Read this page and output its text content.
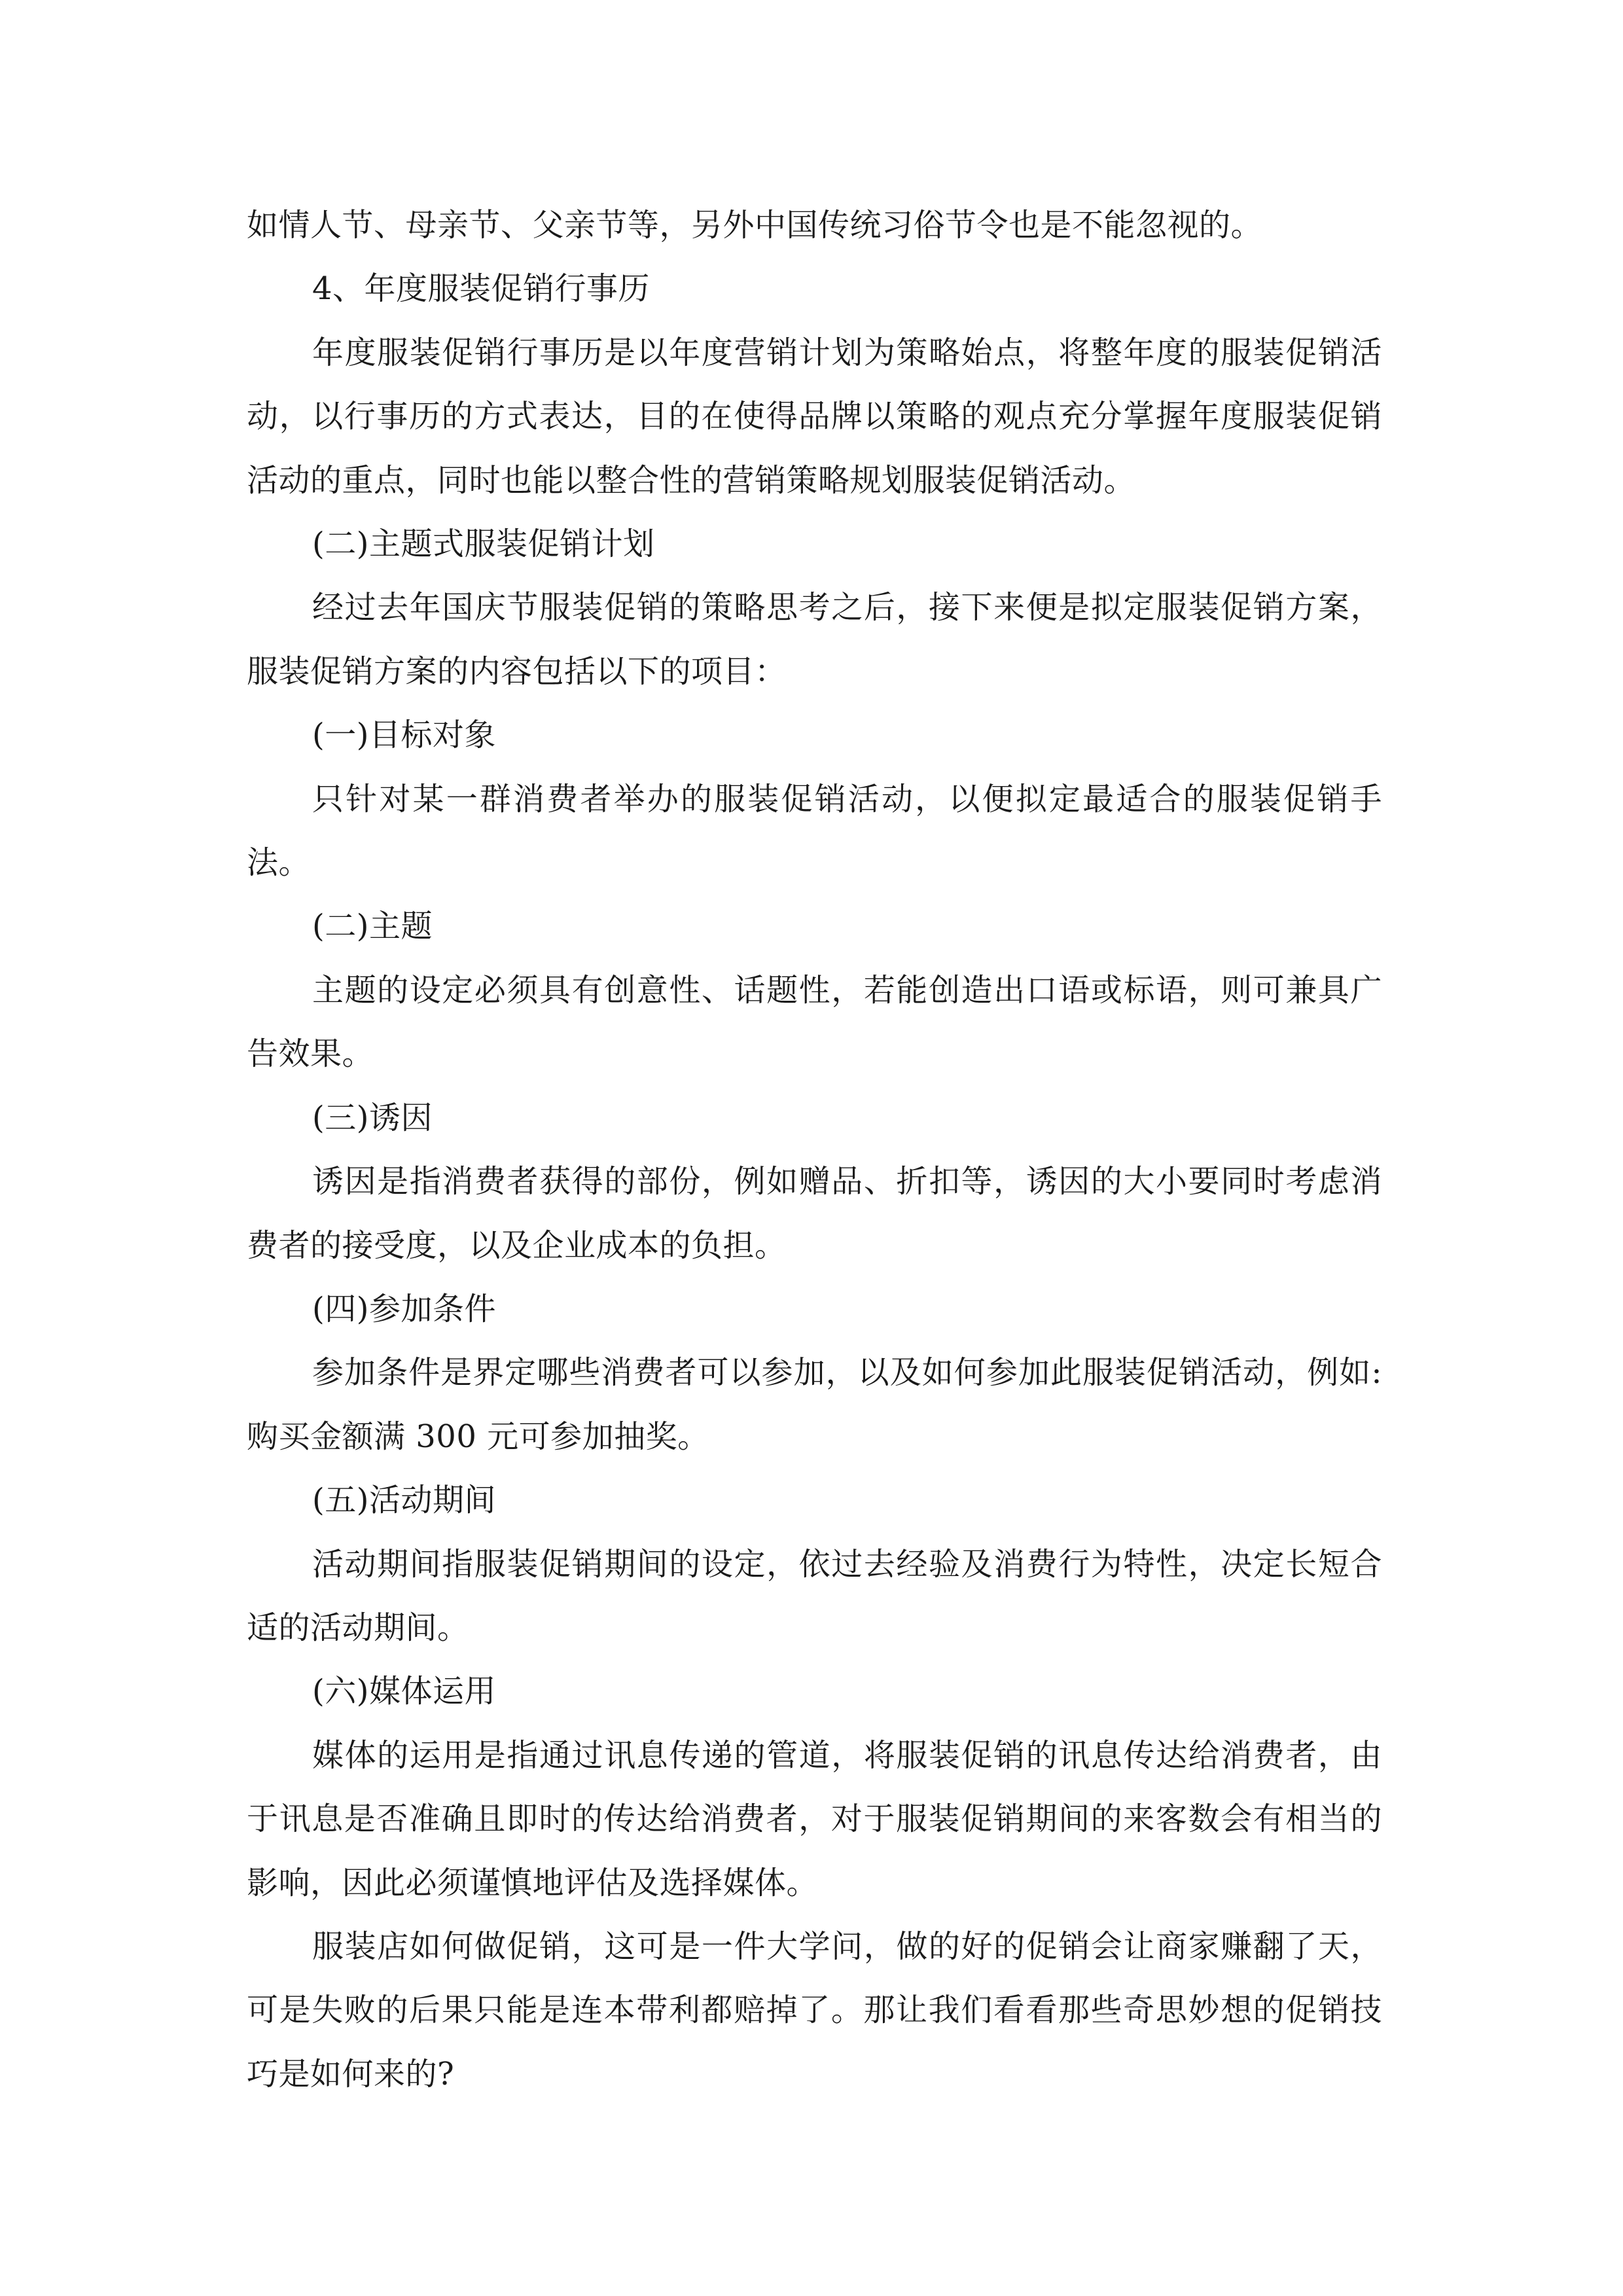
如情人节、母亲节、父亲节等，另外中国传统习俗节令也是不能忽视的。

4、年度服装促销行事历

年度服装促销行事历是以年度营销计划为策略始点，将整年度的服装促销活动，以行事历的方式表达，目的在使得品牌以策略的观点充分掌握年度服装促销活动的重点，同时也能以整合性的营销策略规划服装促销活动。

(二)主题式服装促销计划

经过去年国庆节服装促销的策略思考之后，接下来便是拟定服装促销方案，服装促销方案的内容包括以下的项目：

(一)目标对象

只针对某一群消费者举办的服装促销活动，以便拟定最适合的服装促销手法。

(二)主题

主题的设定必须具有创意性、话题性，若能创造出口语或标语，则可兼具广告效果。

(三)诱因

诱因是指消费者获得的部份，例如赠品、折扣等，诱因的大小要同时考虑消费者的接受度，以及企业成本的负担。

(四)参加条件

参加条件是界定哪些消费者可以参加，以及如何参加此服装促销活动，例如:购买金额满 300 元可参加抽奖。

(五)活动期间

活动期间指服装促销期间的设定，依过去经验及消费行为特性，决定长短合适的活动期间。

(六)媒体运用

媒体的运用是指通过讯息传递的管道，将服装促销的讯息传达给消费者，由于讯息是否准确且即时的传达给消费者，对于服装促销期间的来客数会有相当的影响，因此必须谨慎地评估及选择媒体。

服装店如何做促销，这可是一件大学问，做的好的促销会让商家赚翻了天，可是失败的后果只能是连本带利都赔掉了。那让我们看看那些奇思妙想的促销技巧是如何来的?
